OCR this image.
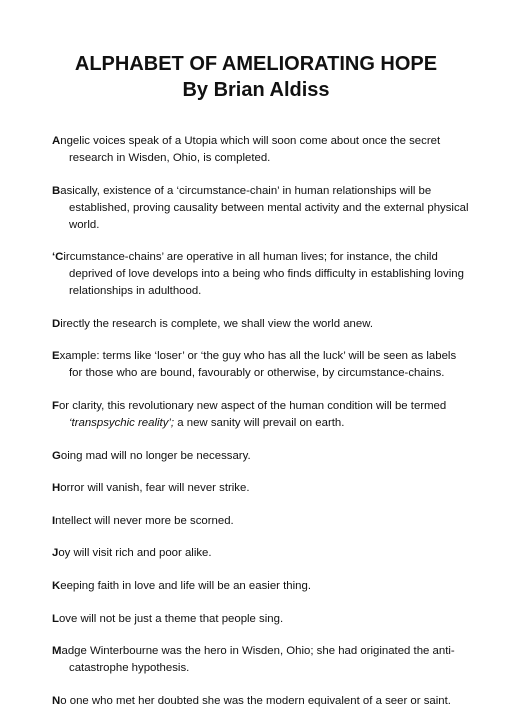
ALPHABET OF AMELIORATING HOPE
By Brian Aldiss

Angelic voices speak of a Utopia which will soon come about once the secret research in Wisden, Ohio, is completed.

Basically, existence of a ‘circumstance-chain’ in human relationships will be established, proving causality between mental activity and the external physical world.

‘Circumstance-chains’ are operative in all human lives; for instance, the child deprived of love develops into a being who finds difficulty in establishing loving relationships in adulthood.

Directly the research is complete, we shall view the world anew.

Example: terms like ‘loser’ or ‘the guy who has all the luck’ will be seen as labels for those who are bound, favourably or otherwise, by circumstance-chains.

For clarity, this revolutionary new aspect of the human condition will be termed ‘transpsychic reality’; a new sanity will prevail on earth.

Going mad will no longer be necessary.

Horror will vanish, fear will never strike.

Intellect will never more be scorned.

Joy will visit rich and poor alike.

Keeping faith in love and life will be an easier thing.

Love will not be just a theme that people sing.

Madge Winterbourne was the hero in Wisden, Ohio; she had originated the anti-catastrophe hypothesis.

No one who met her doubted she was the modern equivalent of a seer or saint.
